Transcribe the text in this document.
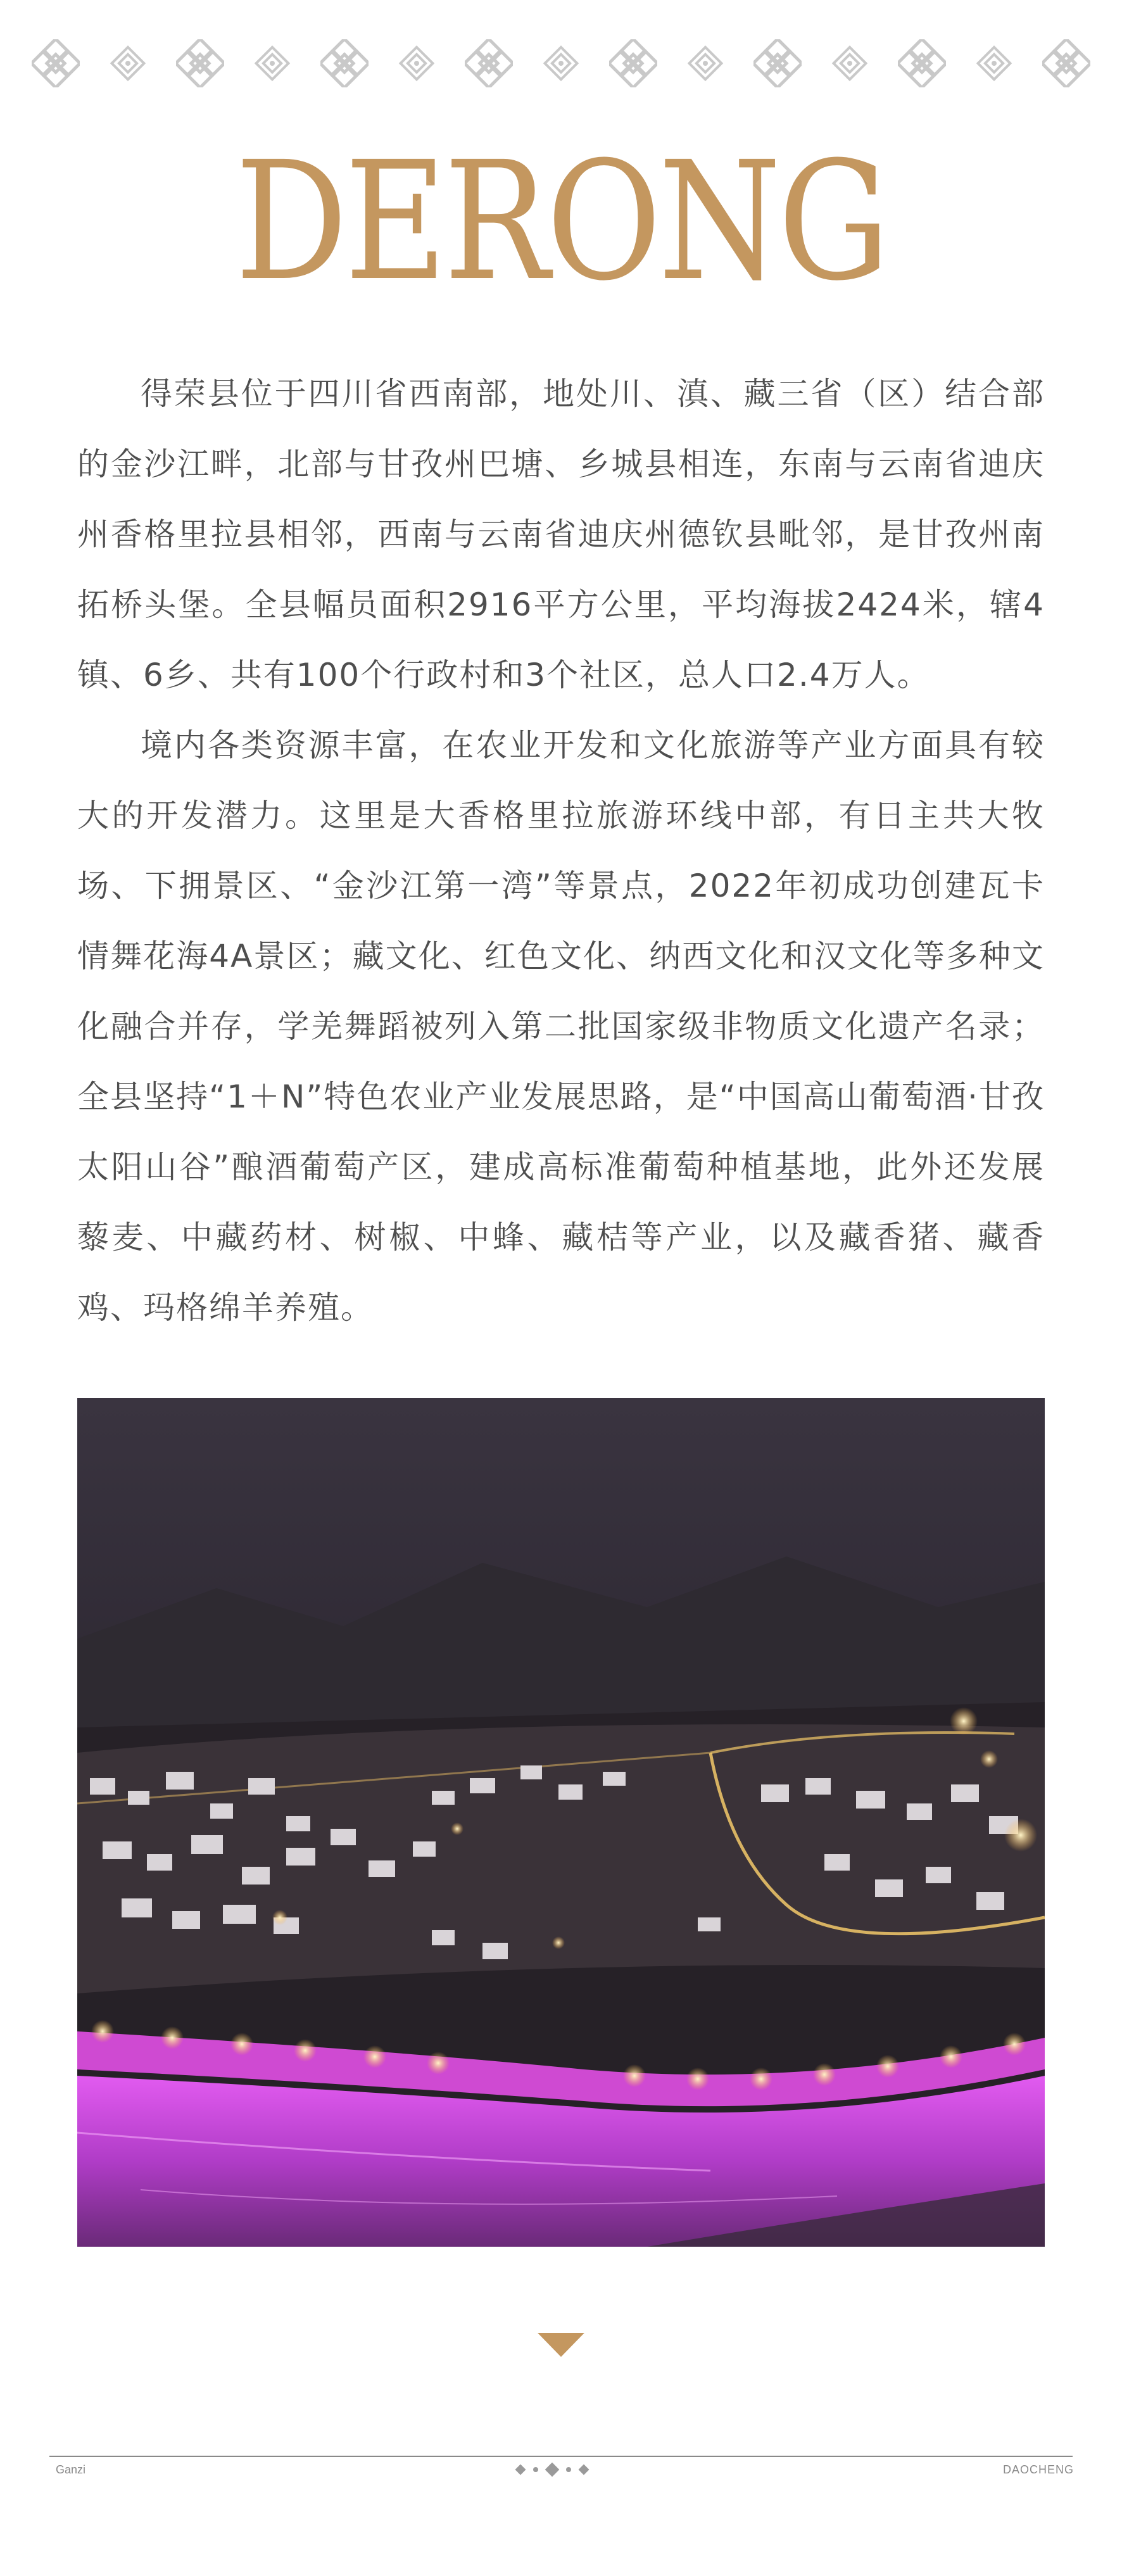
DERONG

得荣县位于四川省西南部，地处川、滇、藏三省（区）结合部的金沙江畔，北部与甘孜州巴塘、乡城县相连，东南与云南省迪庆州香格里拉县相邻，西南与云南省迪庆州德钦县毗邻，是甘孜州南拓桥头堡。全县幅员面积2916平方公里，平均海拔2424米，辖4镇、6乡、共有100个行政村和3个社区，总人口2.4万人。

境内各类资源丰富，在农业开发和文化旅游等产业方面具有较大的开发潜力。这里是大香格里拉旅游环线中部，有日主共大牧场、下拥景区、“金沙江第一湾”等景点，2022年初成功创建瓦卡情舞花海4A景区；藏文化、红色文化、纳西文化和汉文化等多种文化融合并存，学羌舞蹈被列入第二批国家级非物质文化遗产名录；全县坚持“1＋N”特色农业产业发展思路，是“中国高山葡萄酒·甘孜太阳山谷”酿酒葡萄产区，建成高标准葡萄种植基地，此外还发展藜麦、中藏药材、树椒、中蜂、藏桔等产业，以及藏香猪、藏香鸡、玛格绵羊养殖。

Ganzi	DAOCHENG
